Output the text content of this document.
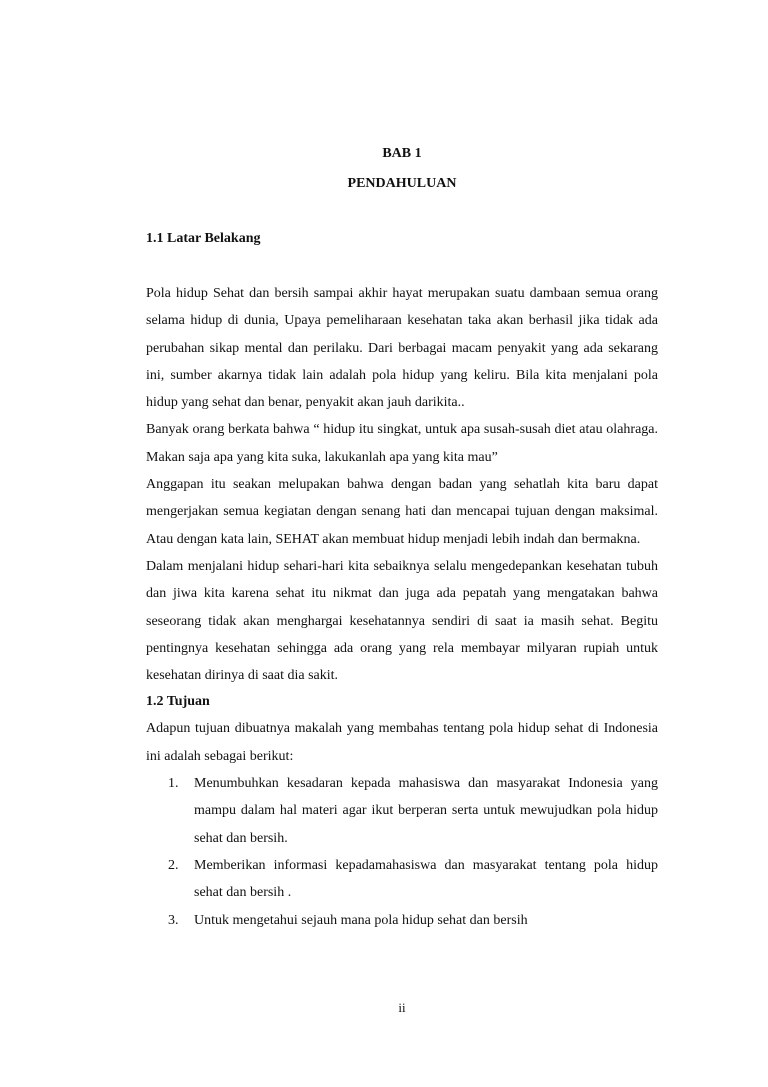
BAB 1
PENDAHULUAN
1.1 Latar Belakang

Pola hidup Sehat dan bersih sampai akhir hayat merupakan suatu dambaan semua orang selama hidup di dunia, Upaya pemeliharaan kesehatan taka akan berhasil jika tidak ada perubahan sikap mental dan perilaku. Dari berbagai macam penyakit yang ada sekarang ini, sumber akarnya tidak lain adalah pola hidup yang keliru. Bila kita menjalani pola hidup yang sehat dan benar, penyakit akan jauh darikita..

Banyak orang berkata bahwa “ hidup itu singkat, untuk apa susah-susah diet atau olahraga. Makan saja apa yang kita suka, lakukanlah apa yang kita mau”

Anggapan itu seakan melupakan bahwa dengan badan yang sehatlah kita baru dapat mengerjakan semua kegiatan dengan senang hati dan mencapai tujuan dengan maksimal. Atau dengan kata lain, SEHAT akan membuat hidup menjadi lebih indah dan bermakna.

Dalam menjalani hidup sehari-hari kita sebaiknya selalu mengedepankan kesehatan tubuh dan jiwa kita karena sehat itu nikmat dan juga ada pepatah yang mengatakan bahwa seseorang tidak akan menghargai kesehatannya sendiri di saat ia masih sehat. Begitu pentingnya kesehatan sehingga ada orang yang rela membayar milyaran rupiah untuk kesehatan dirinya di saat dia sakit.

1.2 Tujuan

Adapun tujuan dibuatnya makalah yang membahas tentang pola hidup sehat di Indonesia ini adalah sebagai berikut:

1. Menumbuhkan kesadaran kepada mahasiswa dan masyarakat Indonesia yang mampu dalam hal materi agar ikut berperan serta untuk mewujudkan pola hidup sehat dan bersih.
2. Memberikan informasi kepadamahasiswa dan masyarakat tentang pola hidup sehat dan bersih .
3. Untuk mengetahui sejauh mana pola hidup sehat dan bersih
ii
